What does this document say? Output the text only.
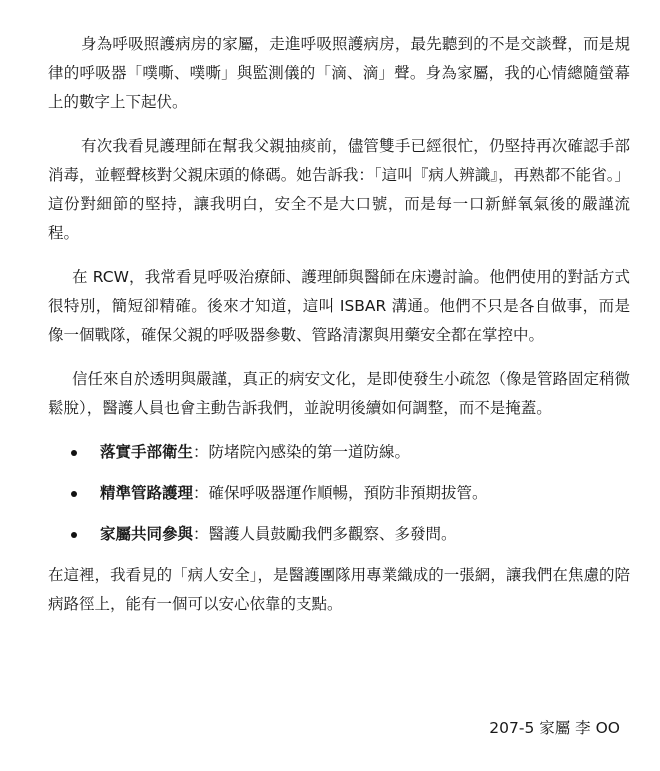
身為呼吸照護病房的家屬，走進呼吸照護病房，最先聽到的不是交談聲，而是規律的呼吸器「噗嘶、噗嘶」與監測儀的「滴、滴」聲。身為家屬，我的心情總隨螢幕上的數字上下起伏。

有次我看見護理師在幫我父親抽痰前，儘管雙手已經很忙，仍堅持再次確認手部消毒，並輕聲核對父親床頭的條碼。她告訴我：「這叫『病人辨識』，再熟都不能省。」這份對細節的堅持，讓我明白，安全不是大口號，而是每一口新鮮氧氣後的嚴謹流程。

在 RCW，我常看見呼吸治療師、護理師與醫師在床邊討論。他們使用的對話方式很特別，簡短卻精確。後來才知道，這叫 ISBAR 溝通。他們不只是各自做事，而是像一個戰隊，確保父親的呼吸器參數、管路清潔與用藥安全都在掌控中。

信任來自於透明與嚴謹，真正的病安文化，是即使發生小疏忽（像是管路固定稍微鬆脫），醫護人員也會主動告訴我們，並說明後續如何調整，而不是掩蓋。

落實手部衛生：防堵院內感染的第一道防線。
精準管路護理：確保呼吸器運作順暢，預防非預期拔管。
家屬共同參與：醫護人員鼓勵我們多觀察、多發問。

在這裡，我看見的「病人安全」，是醫護團隊用專業織成的一張網，讓我們在焦慮的陪病路徑上，能有一個可以安心依靠的支點。

207-5 家屬 李 OO
